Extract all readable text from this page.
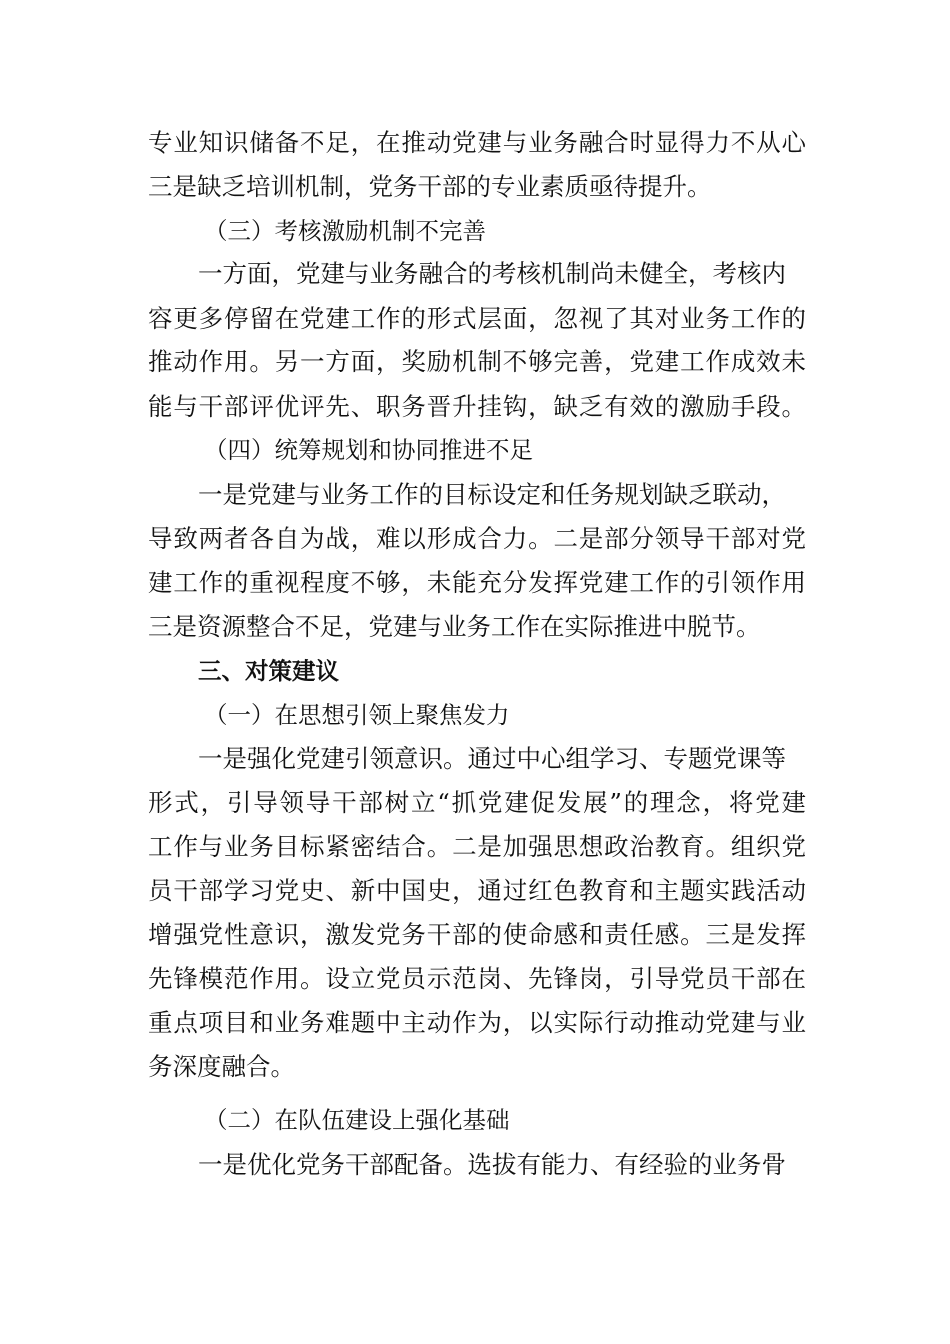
专业知识储备不足，在推动党建与业务融合时显得力不从心
三是缺乏培训机制，党务干部的专业素质亟待提升。
（三）考核激励机制不完善
一方面，党建与业务融合的考核机制尚未健全，考核内
容更多停留在党建工作的形式层面，忽视了其对业务工作的
推动作用。另一方面，奖励机制不够完善，党建工作成效未
能与干部评优评先、职务晋升挂钩，缺乏有效的激励手段。
（四）统筹规划和协同推进不足
一是党建与业务工作的目标设定和任务规划缺乏联动，
导致两者各自为战，难以形成合力。二是部分领导干部对党
建工作的重视程度不够，未能充分发挥党建工作的引领作用
三是资源整合不足，党建与业务工作在实际推进中脱节。
三、对策建议
（一）在思想引领上聚焦发力
一是强化党建引领意识。通过中心组学习、专题党课等
形式，引导领导干部树立“抓党建促发展”的理念，将党建
工作与业务目标紧密结合。二是加强思想政治教育。组织党
员干部学习党史、新中国史，通过红色教育和主题实践活动
增强党性意识，激发党务干部的使命感和责任感。三是发挥
先锋模范作用。设立党员示范岗、先锋岗，引导党员干部在
重点项目和业务难题中主动作为，以实际行动推动党建与业
务深度融合。
（二）在队伍建设上强化基础
一是优化党务干部配备。选拔有能力、有经验的业务骨
